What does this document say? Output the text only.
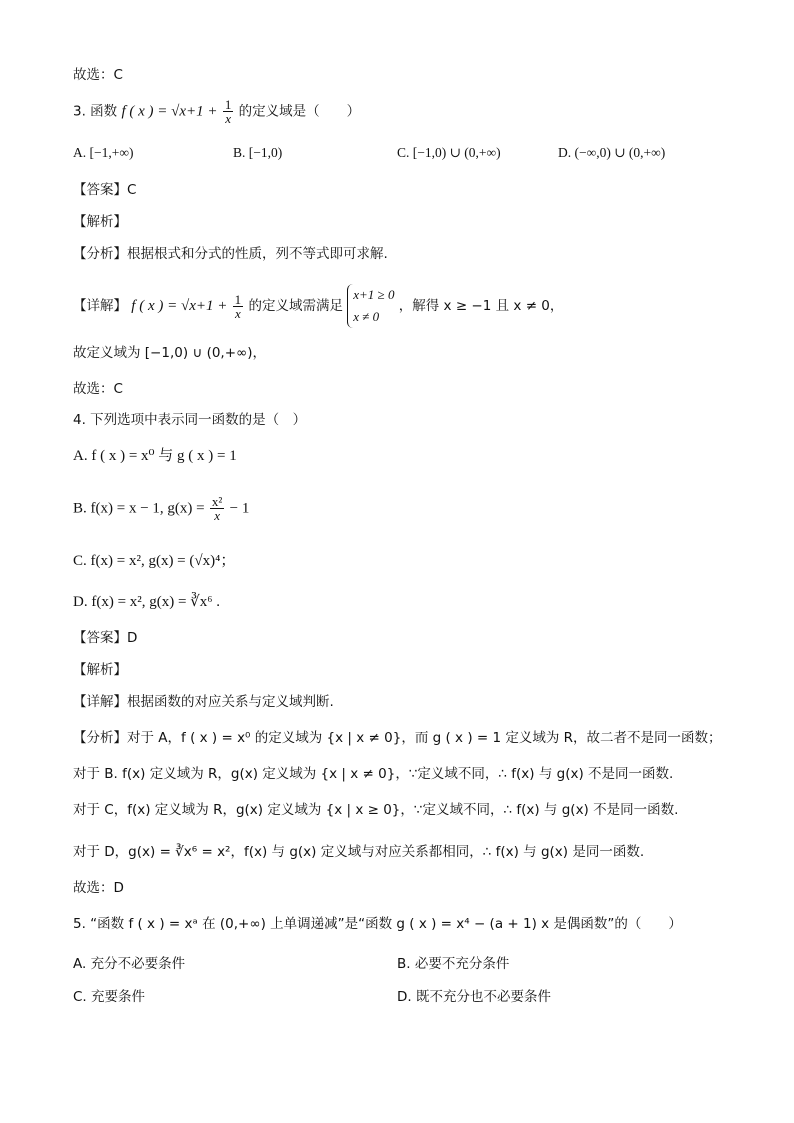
故选：C
3. 函数 f ( x ) = $√x+1 + \frac{1}{x}$ 的定义域是（　　）
A. [−1,+∞)	B. [−1,0)	C. [−1,0) ∪ (0,+∞)	D. (−∞,0) ∪ (0,+∞)
【答案】C
【解析】
【分析】根据根式和分式的性质，列不等式即可求解.
【详解】 f ( x ) = $√x+1 + \frac{1}{x}$ 的定义域需满足
x+1 ≥ 0
x ≠ 0
，解得 x ≥ −1 且 x ≠ 0，
故定义域为 [−1,0) ∪ (0,+∞)，
故选：C
4. 下列选项中表示同一函数的是（　）
A. f ( x ) = x⁰ 与 g ( x ) = 1
B. f(x) = x − 1, $g(x) = \frac{\text{x²}}{x} - 1$
C. f(x) = x², g(x) = (√x)⁴；
D. f(x) = x², g(x) = ∛x⁶ .
【答案】D
【解析】
【详解】根据函数的对应关系与定义域判断.
【分析】对于 A，f ( x ) = x⁰ 的定义域为 {x | x ≠ 0}，而 g ( x ) = 1 定义域为 R，故二者不是同一函数；
对于 B. f(x) 定义域为 R，g(x) 定义域为 {x | x ≠ 0}，∵定义域不同，∴ f(x) 与 g(x) 不是同一函数.
对于 C，f(x) 定义域为 R，g(x) 定义域为 {x | x ≥ 0}，∵定义域不同，∴ f(x) 与 g(x) 不是同一函数.
对于 D，g(x) = ∛x⁶ = x²，f(x) 与 g(x) 定义域与对应关系都相同，∴ f(x) 与 g(x) 是同一函数.
故选：D
5. “函数 f ( x ) = xᵃ 在 (0,+∞) 上单调递减”是“函数 g ( x ) = x⁴ − (a + 1) x 是偶函数”的（　　）
A. 充分不必要条件	B. 必要不充分条件
C. 充要条件	D. 既不充分也不必要条件
